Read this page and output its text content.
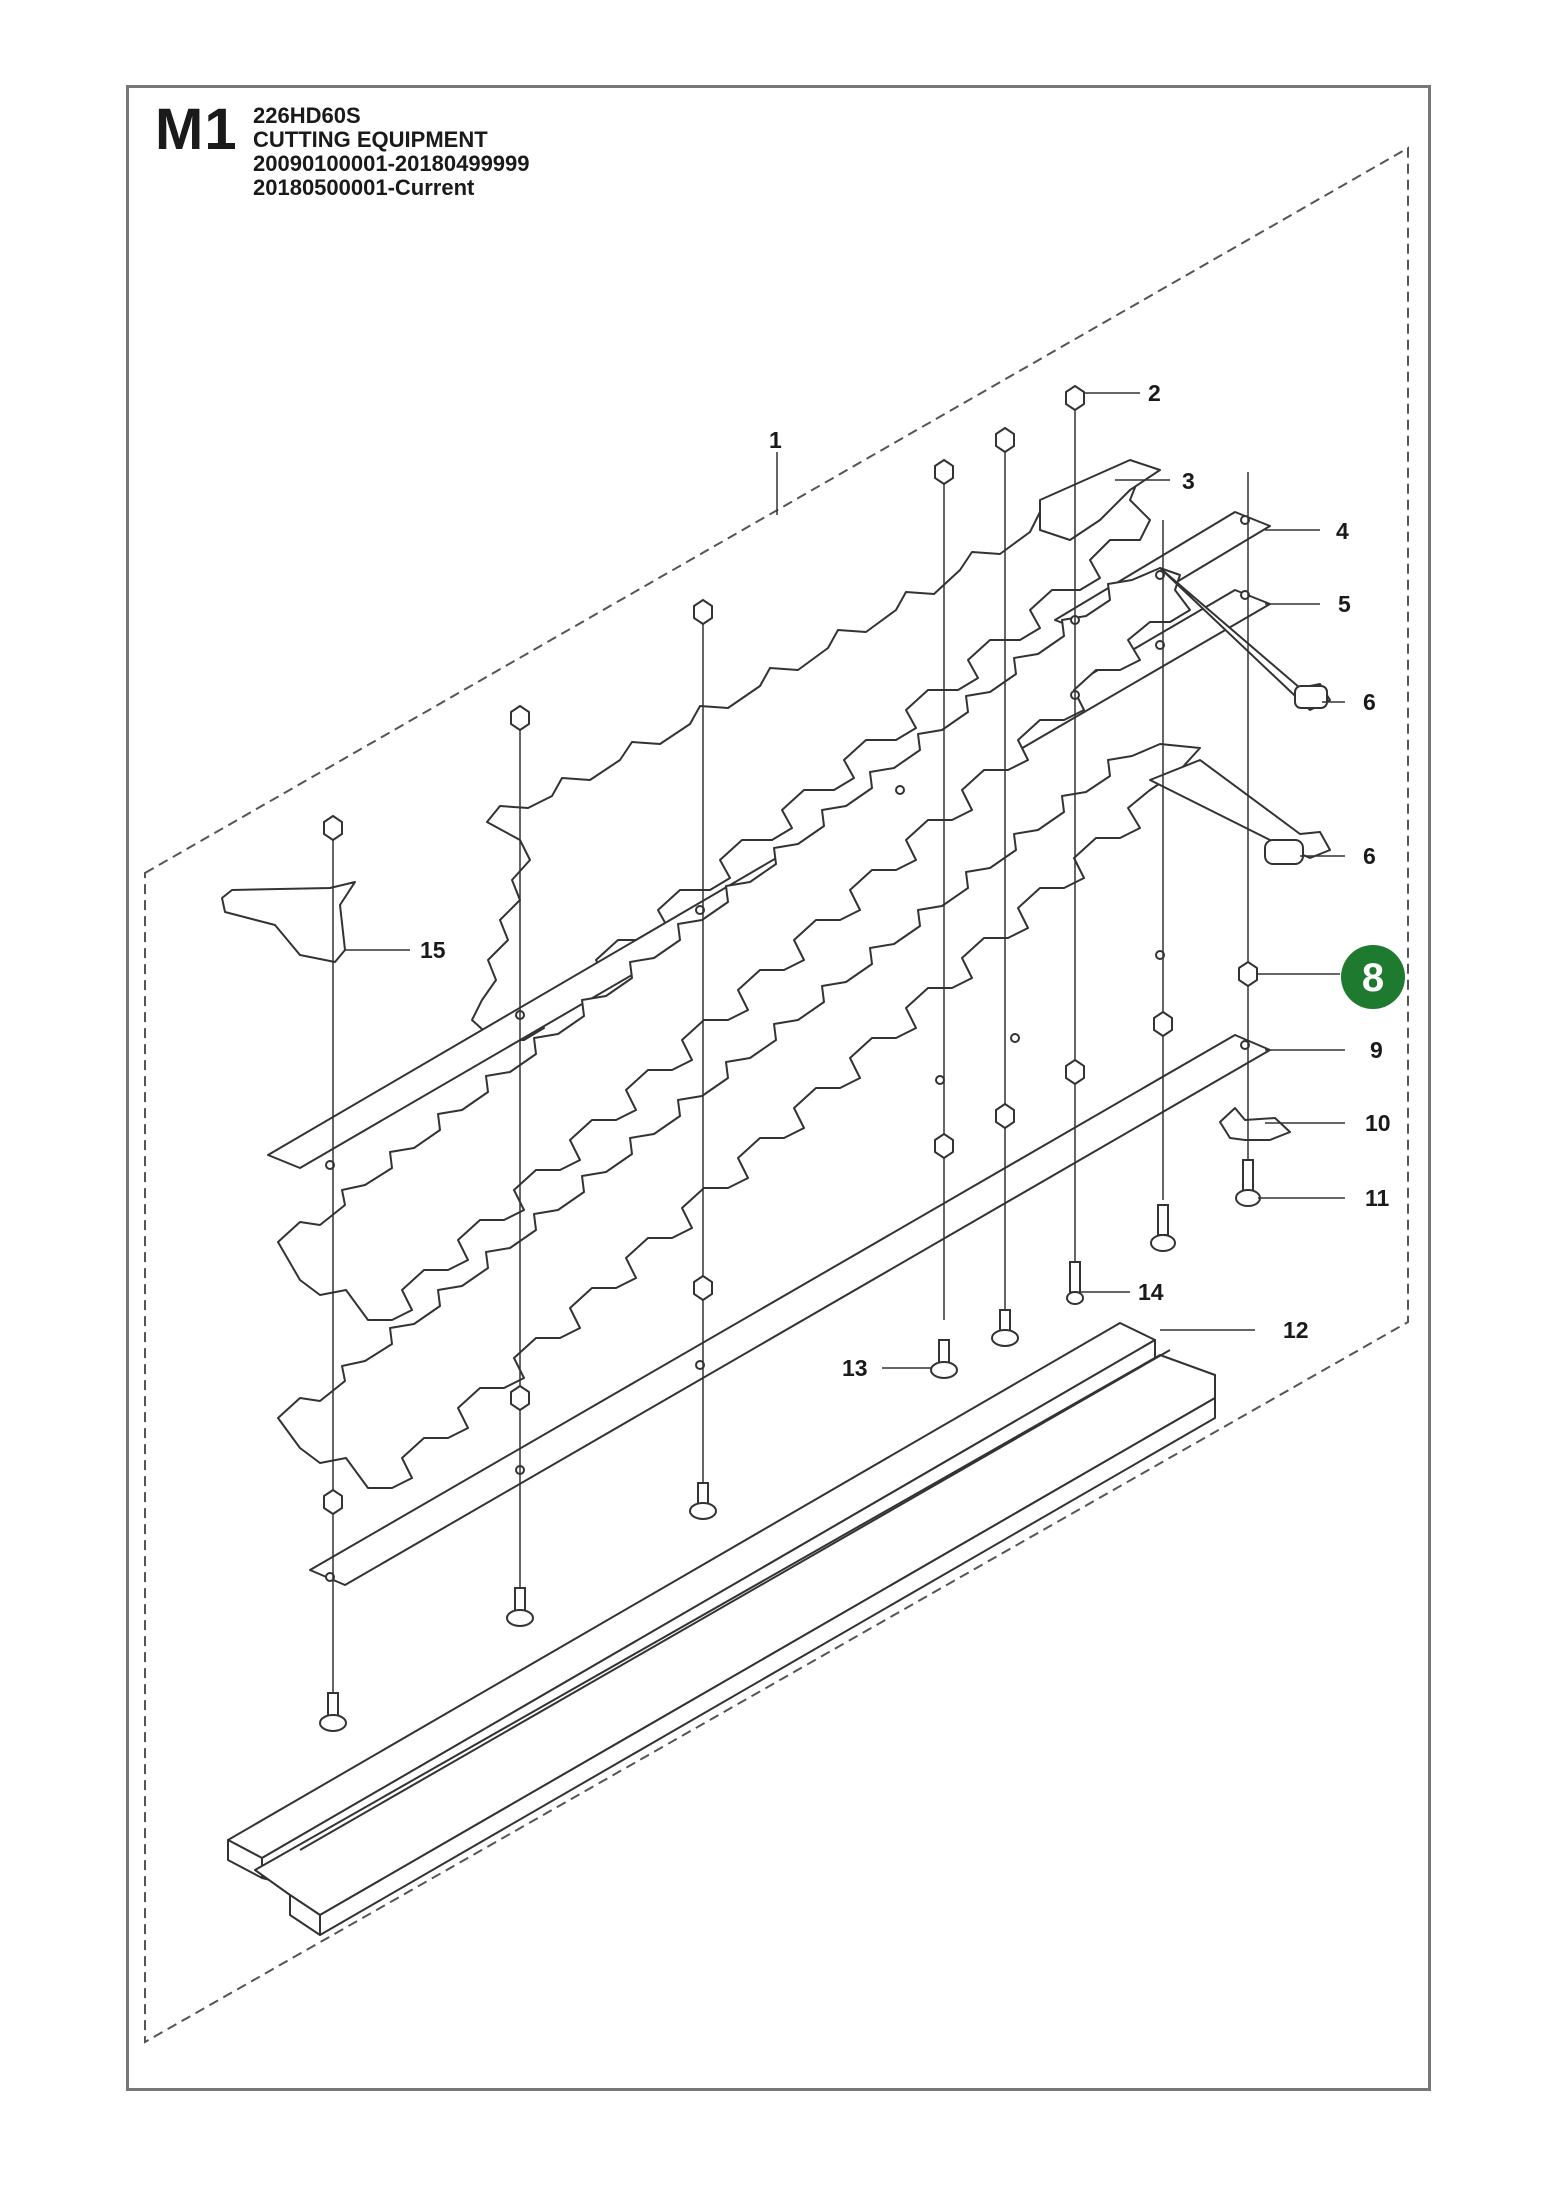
M1 226HD60S
CUTTING EQUIPMENT
20090100001-20180499999
20180500001-Current
1
2
3
4
5
6
6
9
10
11
12
13
14
15
8
